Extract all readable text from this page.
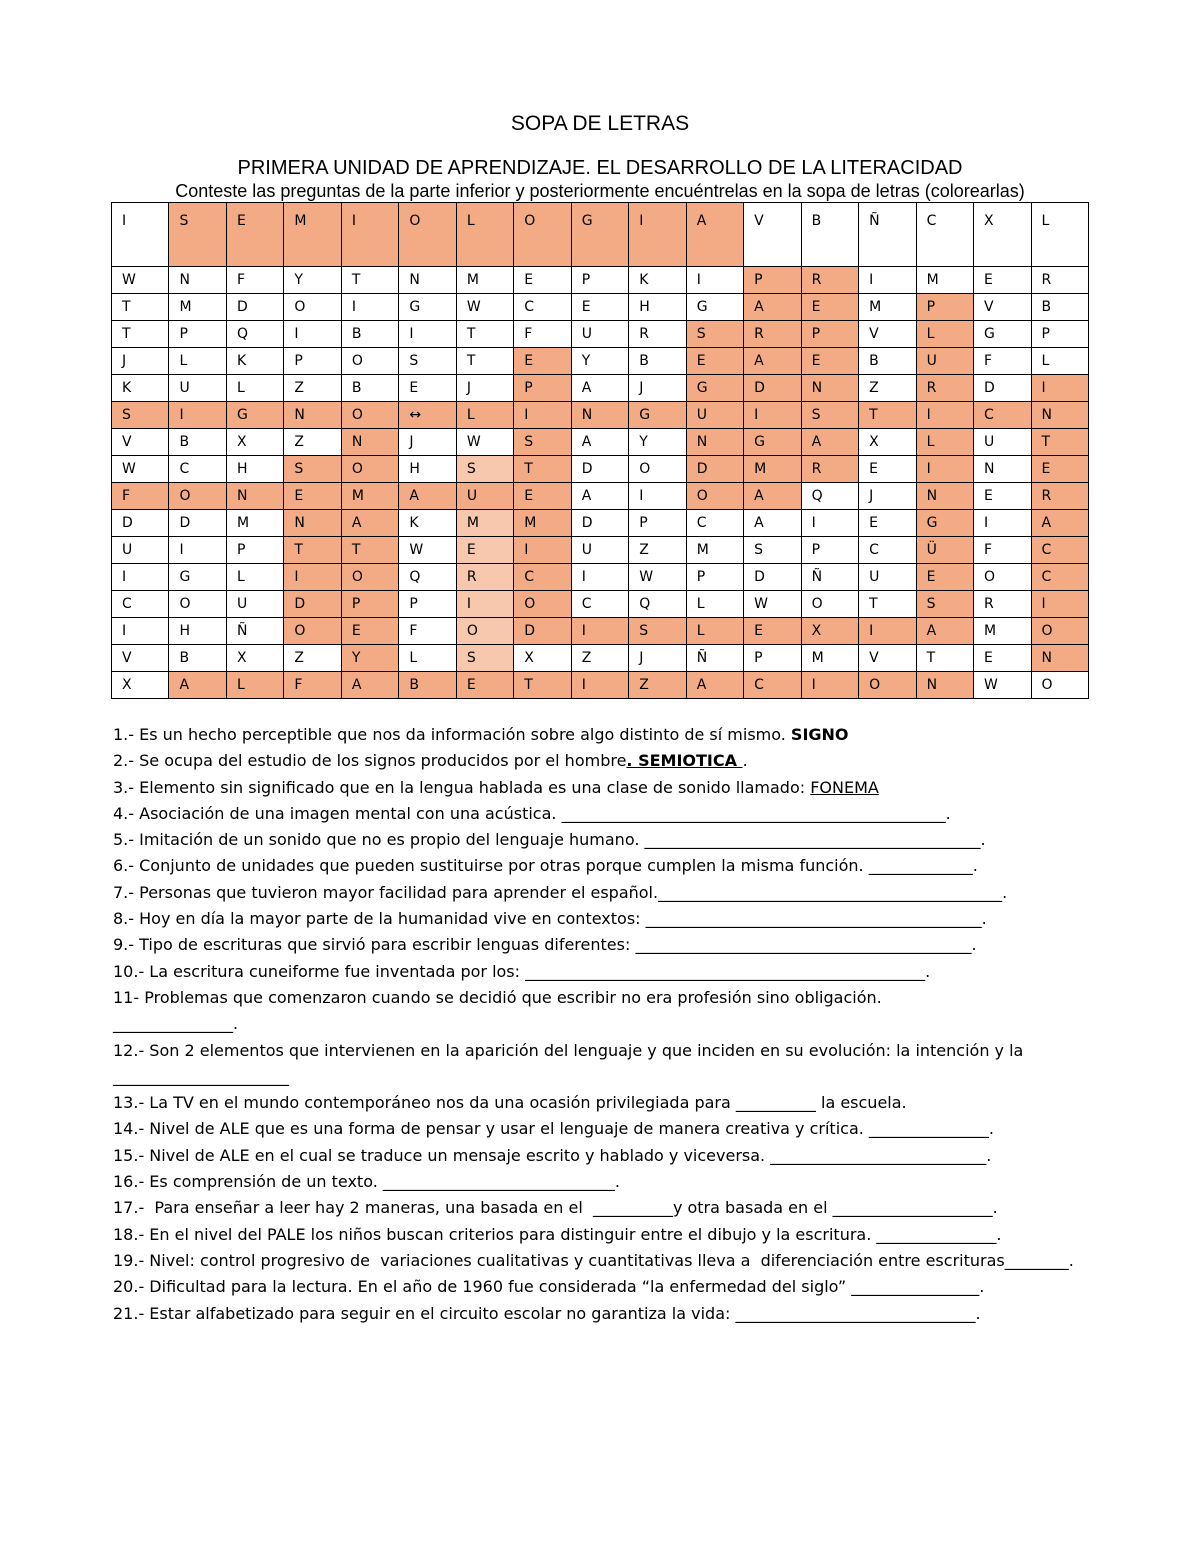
SOPA DE LETRAS
PRIMERA UNIDAD DE APRENDIZAJE. EL DESARROLLO DE LA LITERACIDAD
Conteste las preguntas de la parte inferior y posteriormente encuéntrelas en la sopa de letras (colorearlas)
I	S	E	M	I	O	L	O	G	I	A	V	B	Ñ	C	X	L
W	N	F	Y	T	N	M	E	P	K	I	P	R	I	M	E	R
T	M	D	O	I	G	W	C	E	H	G	A	E	M	P	V	B
T	P	Q	I	B	I	T	F	U	R	S	R	P	V	L	G	P
J	L	K	P	O	S	T	E	Y	B	E	A	E	B	U	F	L
K	U	L	Z	B	E	J	P	A	J	G	D	N	Z	R	D	I
S	I	G	N	O	↔	L	I	N	G	U	I	S	T	I	C	N
V	B	X	Z	N	J	W	S	A	Y	N	G	A	X	L	U	T
W	C	H	S	O	H	S	T	D	O	D	M	R	E	I	N	E
F	O	N	E	M	A	U	E	A	I	O	A	Q	J	N	E	R
D	D	M	N	A	K	M	M	D	P	C	A	I	E	G	I	A
U	I	P	T	T	W	E	I	U	Z	M	S	P	C	Ü	F	C
I	G	L	I	O	Q	R	C	I	W	P	D	Ñ	U	E	O	C
C	O	U	D	P	P	I	O	C	Q	L	W	O	T	S	R	I
I	H	Ñ	O	E	F	O	D	I	S	L	E	X	I	A	M	O
V	B	X	Z	Y	L	S	X	Z	J	Ñ	P	M	V	T	E	N
X	A	L	F	A	B	E	T	I	Z	A	C	I	O	N	W	O
1.- Es un hecho perceptible que nos da información sobre algo distinto de sí mismo. SIGNO
2.- Se ocupa del estudio de los signos producidos por el hombre. SEMIOTICA .
3.- Elemento sin significado que en la lengua hablada es una clase de sonido llamado: FONEMA
4.- Asociación de una imagen mental con una acústica. ________________________________________________.
5.- Imitación de un sonido que no es propio del lenguaje humano. __________________________________________.
6.- Conjunto de unidades que pueden sustituirse por otras porque cumplen la misma función. _____________.
7.- Personas que tuvieron mayor facilidad para aprender el español.___________________________________________.
8.- Hoy en día la mayor parte de la humanidad vive en contextos: __________________________________________.
9.- Tipo de escrituras que sirvió para escribir lenguas diferentes: __________________________________________.
10.- La escritura cuneiforme fue inventada por los: __________________________________________________.
11- Problemas que comenzaron cuando se decidió que escribir no era profesión sino obligación.
_______________.
12.- Son 2 elementos que intervienen en la aparición del lenguaje y que inciden en su evolución: la intención y la ______________________
13.- La TV en el mundo contemporáneo nos da una ocasión privilegiada para __________ la escuela.
14.- Nivel de ALE que es una forma de pensar y usar el lenguaje de manera creativa y crítica. _______________.
15.- Nivel de ALE en el cual se traduce un mensaje escrito y hablado y viceversa. ___________________________.
16.- Es comprensión de un texto. _____________________________.
17.-  Para enseñar a leer hay 2 maneras, una basada en el  __________y otra basada en el ____________________.
18.- En el nivel del PALE los niños buscan criterios para distinguir entre el dibujo y la escritura. _______________.
19.- Nivel: control progresivo de  variaciones cualitativas y cuantitativas lleva a  diferenciación entre escrituras________.
20.- Dificultad para la lectura. En el año de 1960 fue considerada “la enfermedad del siglo” ________________.
21.- Estar alfabetizado para seguir en el circuito escolar no garantiza la vida: ______________________________.
